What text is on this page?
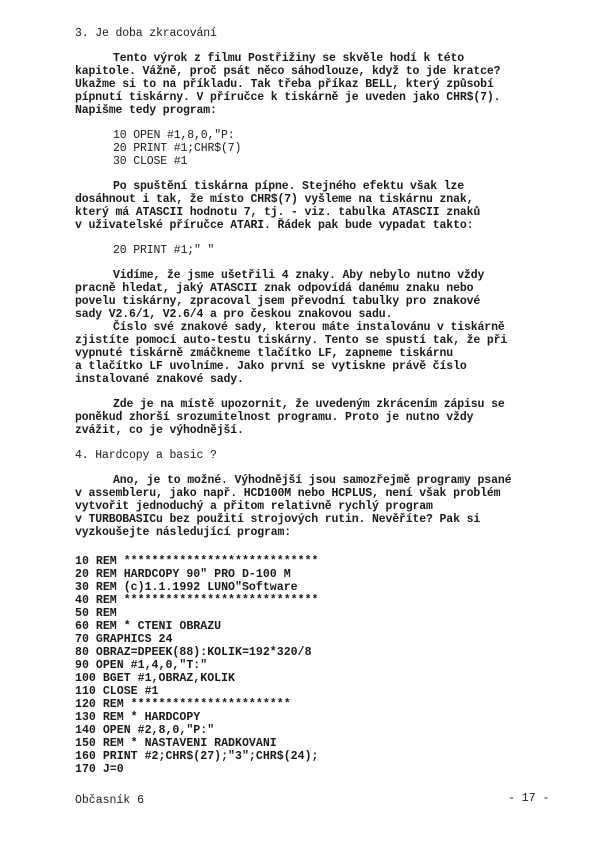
3. Je doba zkracování
Tento výrok z filmu Postřižiny se skvěle hodí k této
kapitole. Vážně, proč psát něco sáhodlouze, když to jde kratce?
Ukažme si to na příkladu. Tak třeba příkaz BELL, který způsobí
pípnutí tiskárny. V příručce k tiskárně je uveden jako CHR$(7).
Napišme tedy program:
10 OPEN #1,8,0,"P:
20 PRINT #1;CHR$(7)
30 CLOSE #1
Po spuštění tiskárna pípne. Stejného efektu však lze
dosáhnout i tak, že místo CHR$(7) vyšleme na tiskárnu znak,
který má ATASCII hodnotu 7, tj. - viz. tabulka ATASCII znaků
v uživatelské příručce ATARI. Řádek pak bude vypadat takto:
20 PRINT #1;" "
Vidíme, že jsme ušetřili 4 znaky. Aby nebylo nutno vždy
pracně hledat, jaký ATASCII znak odpovídá danému znaku nebo
povelu tiskárny, zpracoval jsem převodní tabulky pro znakové
sady V2.6/1, V2.6/4 a pro českou znakovou sadu.
Číslo své znakové sady, kterou máte instalovánu v tiskárně
zjistíte pomocí auto-testu tiskárny. Tento se spustí tak, že při
vypnuté tiskárně zmáčkneme tlačítko LF, zapneme tiskárnu
a tlačítko LF uvolníme. Jako první se vytiskne právě číslo
instalované znakové sady.
Zde je na místě upozornit, že uvedeným zkrácením zápisu se
poněkud zhorší srozumitelnost programu. Proto je nutno vždy
zvážit, co je výhodnější.
4. Hardcopy a basic ?
Ano, je to možné. Výhodnější jsou samozřejmě programy psané
v assembleru, jako např. HCD100M nebo HCPLUS, není však problém
vytvořit jednoduchý a přitom relativně rychlý program
v TURBOBASICu bez použití strojových rutin. Nevěříte? Pak si
vyzkoušejte následující program:
10 REM ****************************
20 REM HARDCOPY 90" PRO D-100 M
30 REM (c)1.1.1992 LUNO"Software
40 REM ****************************
50 REM
60 REM * CTENI OBRAZU
70 GRAPHICS 24
80 OBRAZ=DPEEK(88):KOLIK=192*320/8
90 OPEN #1,4,0,"T:"
100 BGET #1,OBRAZ,KOLIK
110 CLOSE #1
120 REM ***********************
130 REM * HARDCOPY
140 OPEN #2,8,0,"P:"
150 REM * NASTAVENI RADKOVANI
160 PRINT #2;CHR$(27);"3";CHR$(24);
170 J=0
Občasník 6	- 17 -
